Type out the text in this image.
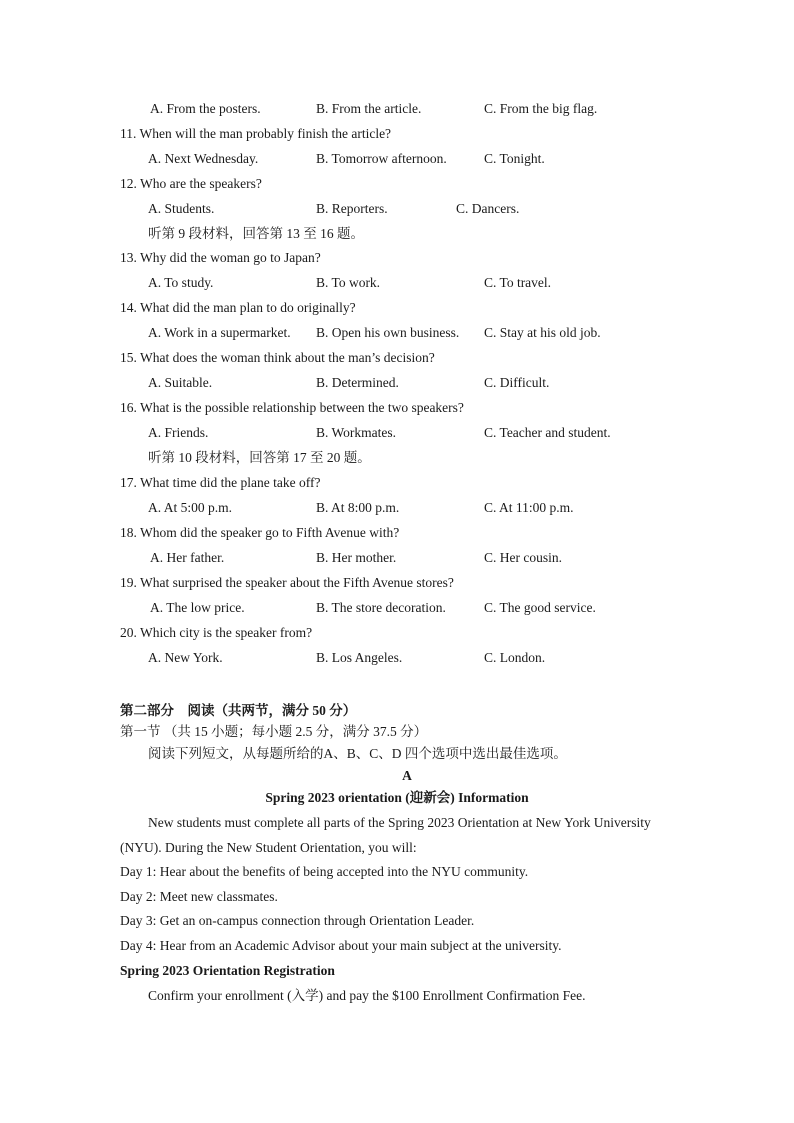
A. From the posters.	B. From the article.	C. From the big flag.
11. When will the man probably finish the article?
A. Next Wednesday.	B. Tomorrow afternoon.	C. Tonight.
12. Who are the speakers?
A. Students.	B. Reporters.	C. Dancers.
听第 9 段材料，回答第 13 至 16 题。
13. Why did the woman go to Japan?
A. To study.	B. To work.	C. To travel.
14. What did the man plan to do originally?
A. Work in a supermarket. B. Open his own business. C. Stay at his old job.
15. What does the woman think about the man’s decision?
A. Suitable.	B. Determined.	C. Difficult.
16. What is the possible relationship between the two speakers?
A. Friends.	B. Workmates.	C. Teacher and student.
听第 10 段材料，回答第 17 至 20 题。
17. What time did the plane take off?
A. At 5:00 p.m.	B. At 8:00 p.m.	C. At 11:00 p.m.
18. Whom did the speaker go to Fifth Avenue with?
A. Her father.	B. Her mother.	C. Her cousin.
19. What surprised the speaker about the Fifth Avenue stores?
A. The low price.	B. The store decoration.	C. The good service.
20. Which city is the speaker from?
A. New York.	B. Los Angeles.	C. London.
第二部分　阅读（共两节，满分 50 分）
第一节 （共 15 小题；每小题 2.5 分，满分 37.5 分）
阅读下列短文，从每题所给的A、B、C、D 四个选项中选出最佳选项。
A
Spring 2023 orientation (迎新会) Information
New students must complete all parts of the Spring 2023 Orientation at New York University (NYU). During the New Student Orientation, you will:
Day 1: Hear about the benefits of being accepted into the NYU community.
Day 2: Meet new classmates.
Day 3: Get an on-campus connection through Orientation Leader.
Day 4: Hear from an Academic Advisor about your main subject at the university.
Spring 2023 Orientation Registration
Confirm your enrollment (入学) and pay the $100 Enrollment Confirmation Fee.
